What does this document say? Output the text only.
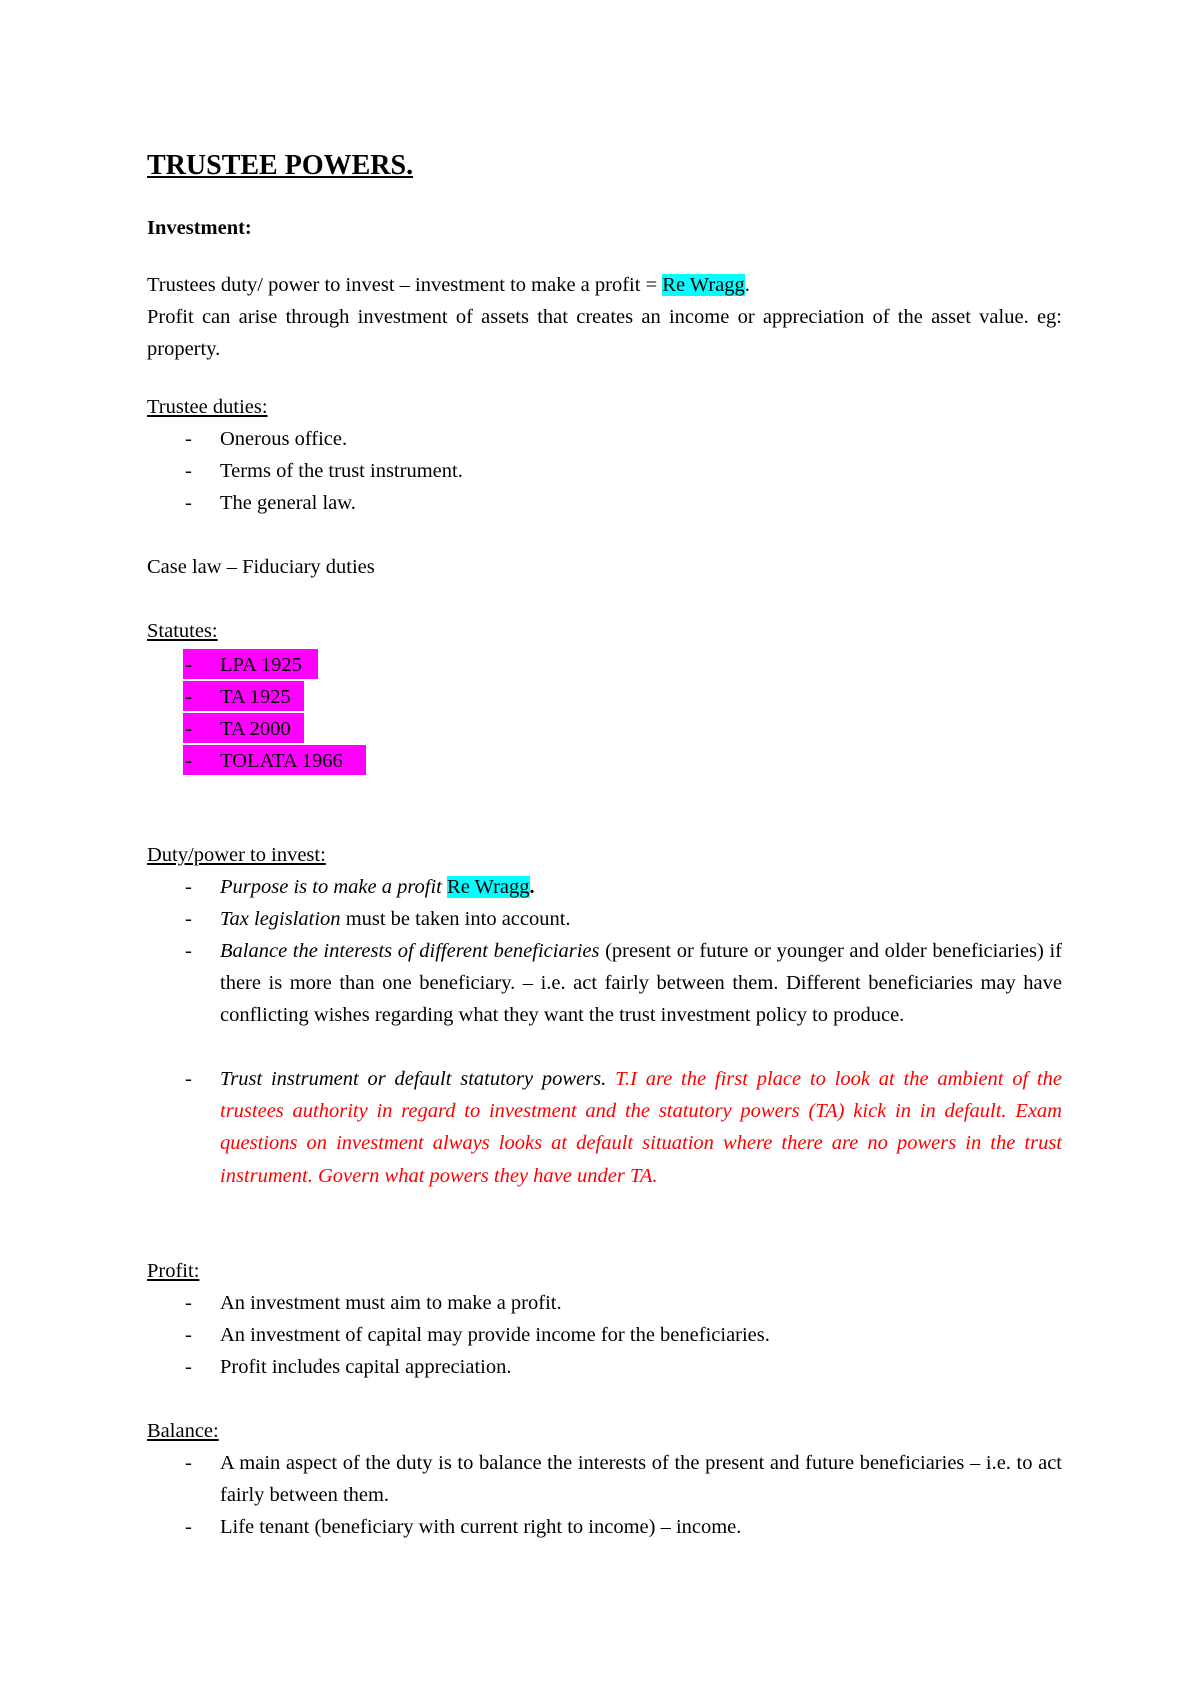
TRUSTEE POWERS.
Investment:
Trustees duty/ power to invest – investment to make a profit = Re Wragg.
Profit can arise through investment of assets that creates an income or appreciation of the asset value. eg: property.
Trustee duties:
- Onerous office.
- Terms of the trust instrument.
- The general law.
Case law – Fiduciary duties
Statutes:
- LPA 1925
- TA 1925
- TA 2000
- TOLATA 1966
Duty/power to invest:
- Purpose is to make a profit Re Wragg.
- Tax legislation must be taken into account.
- Balance the interests of different beneficiaries (present or future or younger and older beneficiaries) if there is more than one beneficiary. – i.e. act fairly between them. Different beneficiaries may have conflicting wishes regarding what they want the trust investment policy to produce.
- Trust instrument or default statutory powers. T.I are the first place to look at the ambient of the trustees authority in regard to investment and the statutory powers (TA) kick in in default. Exam questions on investment always looks at default situation where there are no powers in the trust instrument. Govern what powers they have under TA.
Profit:
- An investment must aim to make a profit.
- An investment of capital may provide income for the beneficiaries.
- Profit includes capital appreciation.
Balance:
- A main aspect of the duty is to balance the interests of the present and future beneficiaries – i.e. to act fairly between them.
- Life tenant (beneficiary with current right to income) – income.
